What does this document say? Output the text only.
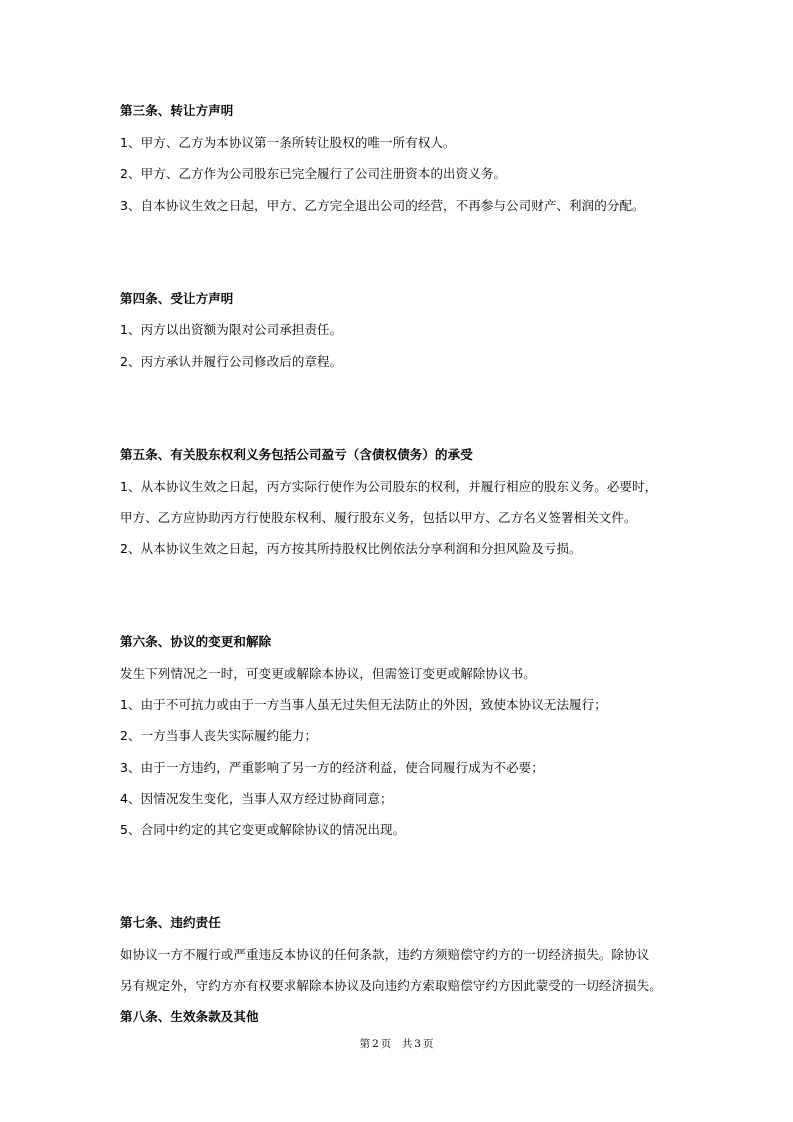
第三条、转让方声明
1、甲方、乙方为本协议第一条所转让股权的唯一所有权人。
2、甲方、乙方作为公司股东已完全履行了公司注册资本的出资义务。
3、自本协议生效之日起，甲方、乙方完全退出公司的经营，不再参与公司财产、利润的分配。
第四条、受让方声明
1、丙方以出资额为限对公司承担责任。
2、丙方承认并履行公司修改后的章程。
第五条、有关股东权利义务包括公司盈亏（含债权债务）的承受
1、从本协议生效之日起，丙方实际行使作为公司股东的权利，并履行相应的股东义务。必要时，
甲方、乙方应协助丙方行使股东权利、履行股东义务，包括以甲方、乙方名义签署相关文件。
2、从本协议生效之日起，丙方按其所持股权比例依法分享利润和分担风险及亏损。
第六条、协议的变更和解除
发生下列情况之一时，可变更或解除本协议，但需签订变更或解除协议书。
1、由于不可抗力或由于一方当事人虽无过失但无法防止的外因，致使本协议无法履行；
2、一方当事人丧失实际履约能力；
3、由于一方违约，严重影响了另一方的经济利益，使合同履行成为不必要；
4、因情况发生变化，当事人双方经过协商同意；
5、合同中约定的其它变更或解除协议的情况出现。
第七条、违约责任
如协议一方不履行或严重违反本协议的任何条款，违约方须赔偿守约方的一切经济损失。除协议
另有规定外，守约方亦有权要求解除本协议及向违约方索取赔偿守约方因此蒙受的一切经济损失。
第八条、生效条款及其他
第 2 页　共 3 页
